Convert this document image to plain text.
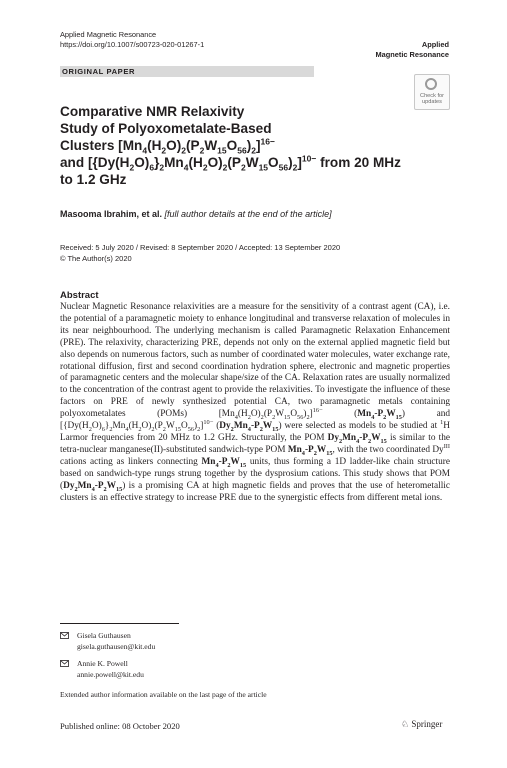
Applied Magnetic Resonance
https://doi.org/10.1007/s00723-020-01267-1	Applied
Magnetic Resonance
ORIGINAL PAPER
Check for
updates
Comparative NMR Relaxivity
Study of Polyoxometalate-Based
Clusters $[Mn_4(H_2O)_2(P_2W_{15}O_{56})_2]^{16-}$
and $[\{Dy(H_2O)_6\}_2Mn_4(H_2O)_2(P_2W_{15}O_{56})_2]^{10-}$ from 20 MHz
to 1.2 GHz
Masooma Ibrahim, et al. [full author details at the end of the article]
Received: 5 July 2020 / Revised: 8 September 2020 / Accepted: 13 September 2020
© The Author(s) 2020
Abstract
Nuclear Magnetic Resonance relaxivities are a measure for the sensitivity of a contrast agent (CA), i.e. the potential of a paramagnetic moiety to enhance longitudinal and transverse relaxation of molecules in its near neighbourhood. The underlying mechanism is called Paramagnetic Relaxation Enhancement (PRE). The relaxivity, characterizing PRE, depends not only on the external applied magnetic field but also depends on numerous factors, such as number of coordinated water molecules, water exchange rate, rotational diffusion, first and second coordination hydration sphere, electronic and magnetic properties of paramagnetic centers and the molecular shape/size of the CA. Relaxation rates are usually normalized to the concentration of the contrast agent to provide the relaxivities. To investigate the influence of these factors on PRE of newly synthesized potential CA, two paramagnetic metals containing polyoxometalates (POMs) $[Mn_4(H_2O)_2(P_2W_{15}O_{56})_2]^{16-}$ $(Mn_4-P_2W_{15})$ and $[\{Dy(H_2O)_6\}_2Mn_4(H_2O)_2(P_2W_{15}O_{56})_2]^{10-}$ $(Dy_2Mn_4-P_2W_{15})$ were selected as models to be studied at $^1$H Larmor frequencies from 20 MHz to 1.2 GHz. Structurally, the POM $Dy_2Mn_4-P_2W_{15}$ is similar to the tetra-nuclear manganese(II)-substituted sandwich-type POM $Mn_4-P_2W_{15}$, with the two coordinated $Dy^{III}$ cations acting as linkers connecting $Mn_4-P_2W_{15}$ units, thus forming a 1D ladder-like chain structure based on sandwich-type rungs strung together by the dysprosium cations. This study shows that POM $(Dy_2Mn_4-P_2W_{15})$ is a promising CA at high magnetic fields and proves that the use of heterometallic clusters is an effective strategy to increase PRE due to the synergistic effects from different metal ions.
Gisela Guthausen
gisela.guthausen@kit.edu
Annie K. Powell
annie.powell@kit.edu
Extended author information available on the last page of the article
Published online: 08 October 2020	♘ Springer
